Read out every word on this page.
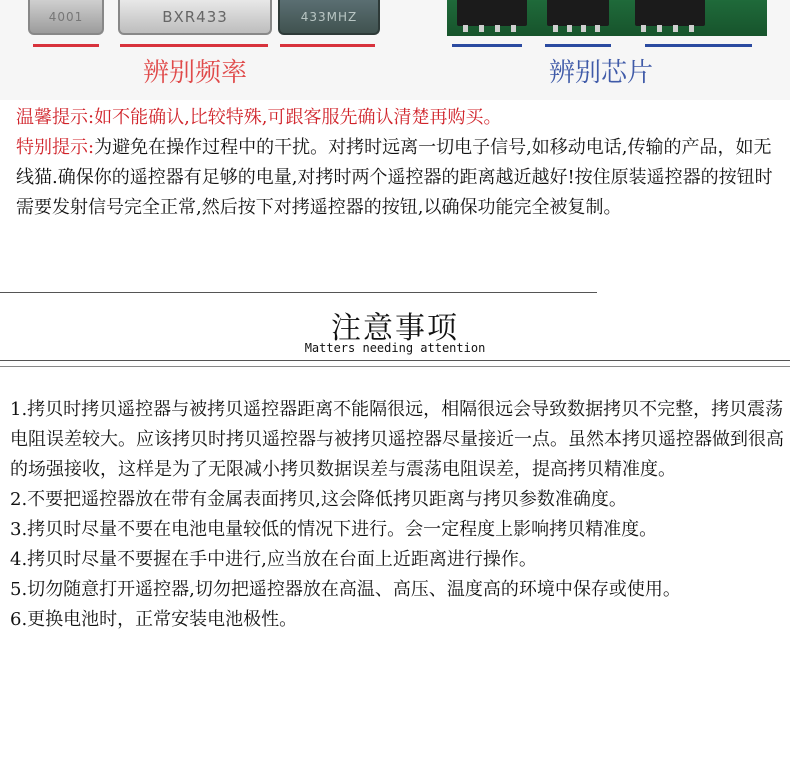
4001	BXR433	433MHZ
辨别频率	辨别芯片
温馨提示:如不能确认,比较特殊,可跟客服先确认清楚再购买。
特别提示:为避免在操作过程中的干扰。对拷时远离一切电子信号,如移动电话,传输的产品，如无线猫.确保你的遥控器有足够的电量,对拷时两个遥控器的距离越近越好!按住原装遥控器的按钮时需要发射信号完全正常,然后按下对拷遥控器的按钮,以确保功能完全被复制。
注意事项
Matters needing attention
1.拷贝时拷贝遥控器与被拷贝遥控器距离不能隔很远，相隔很远会导致数据拷贝不完整，拷贝震荡电阻误差较大。应该拷贝时拷贝遥控器与被拷贝遥控器尽量接近一点。虽然本拷贝遥控器做到很高的场强接收，这样是为了无限减小拷贝数据误差与震荡电阻误差，提高拷贝精准度。
2.不要把遥控器放在带有金属表面拷贝,这会降低拷贝距离与拷贝参数准确度。
3.拷贝时尽量不要在电池电量较低的情况下进行。会一定程度上影响拷贝精准度。
4.拷贝时尽量不要握在手中进行,应当放在台面上近距离进行操作。
5.切勿随意打开遥控器,切勿把遥控器放在高温、高压、温度高的环境中保存或使用。
6.更换电池时，正常安装电池极性。
